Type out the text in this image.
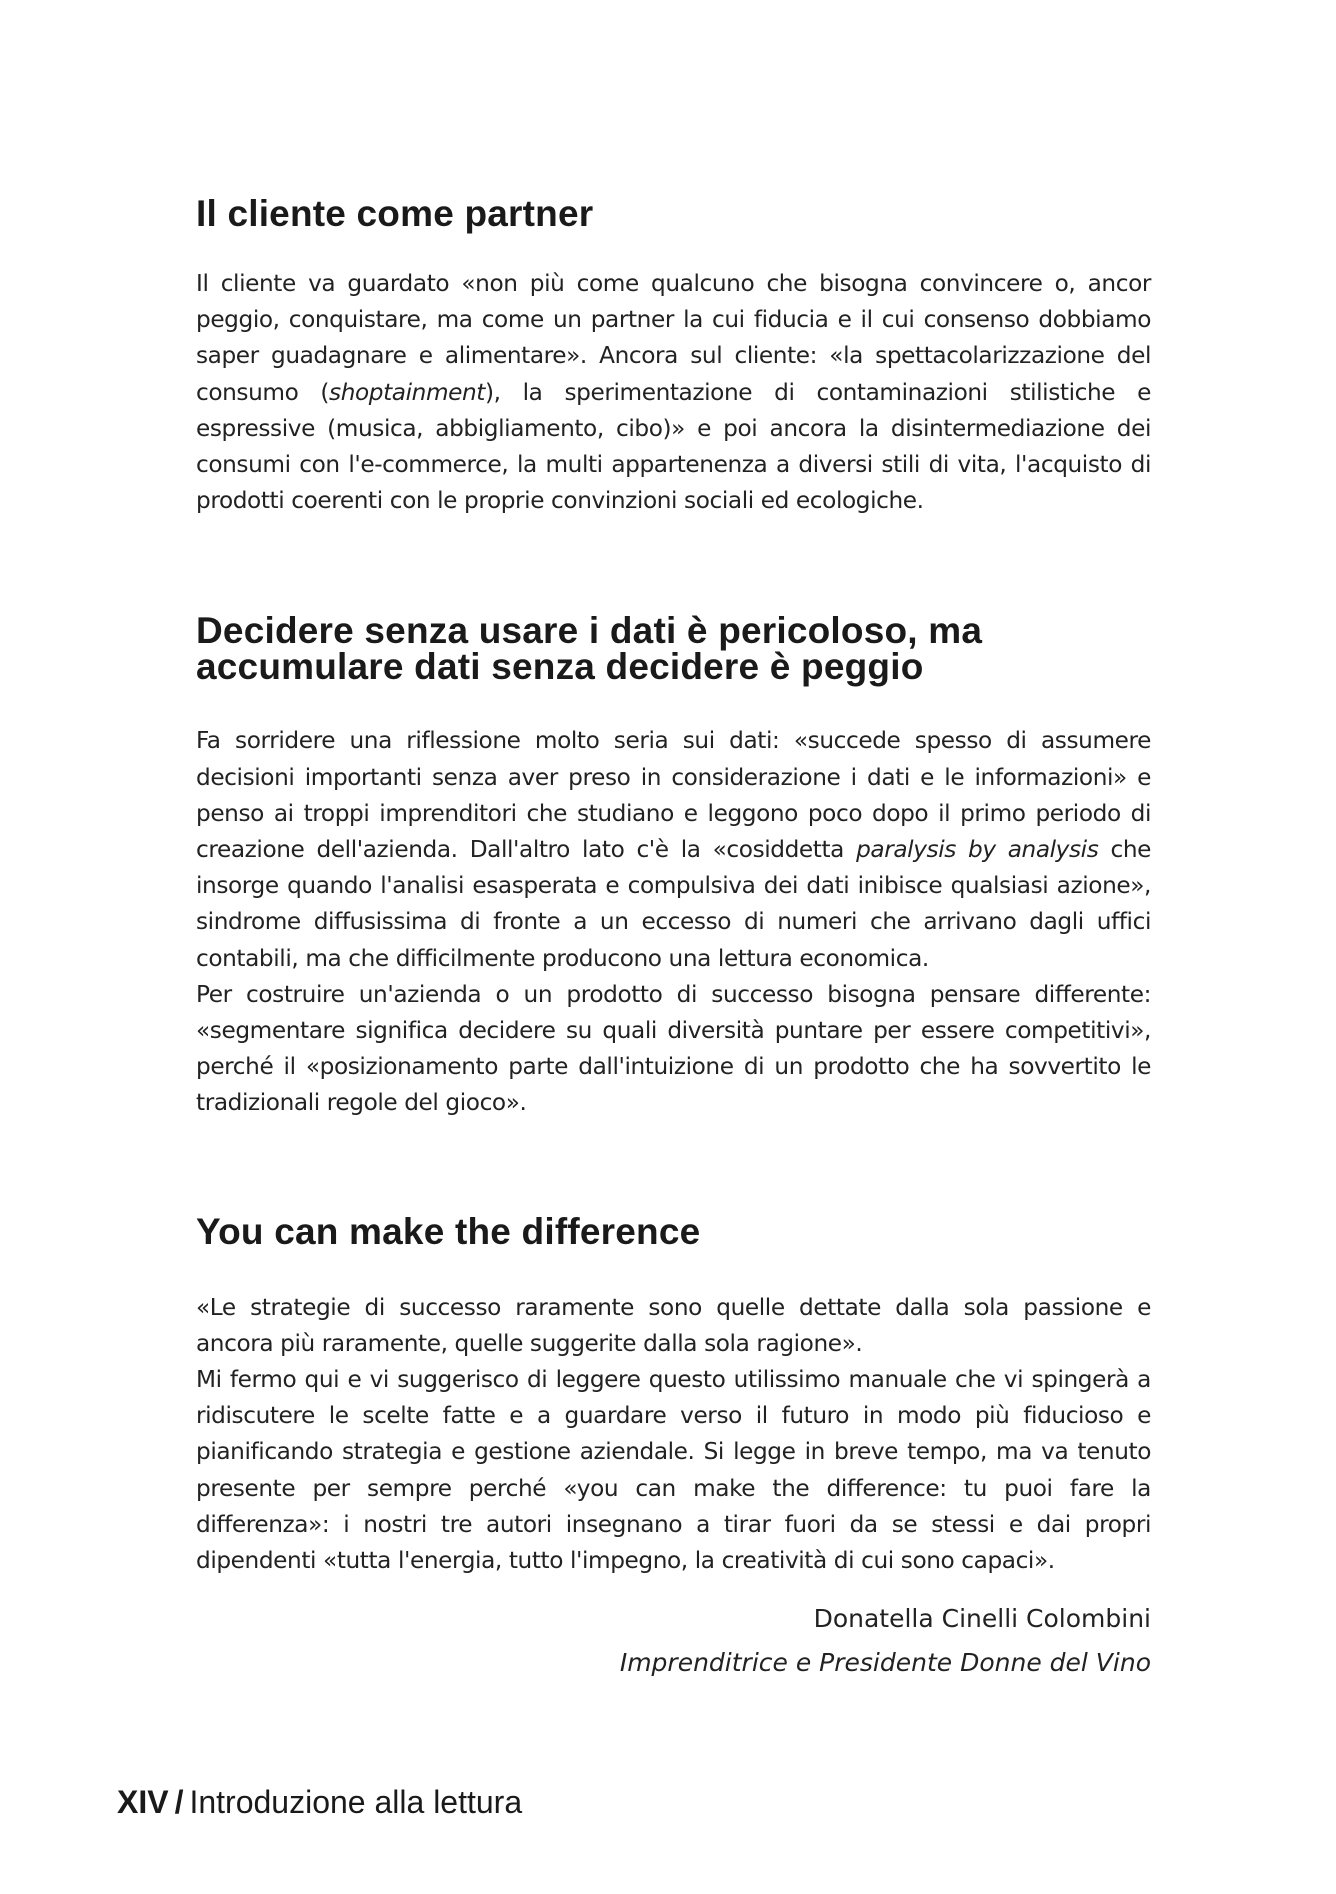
Il cliente come partner

Il cliente va guardato «non più come qualcuno che bisogna convincere o, ancor peggio, conquistare, ma come un partner la cui fiducia e il cui consenso dobbiamo saper guadagnare e alimentare». Ancora sul cliente: «la spettacolarizzazione del consumo (shoptainment), la sperimentazione di contaminazioni stilistiche e espressive (musica, abbigliamento, cibo)» e poi ancora la disintermediazione dei consumi con l'e-commerce, la multi appartenenza a diversi stili di vita, l'acquisto di prodotti coerenti con le proprie convinzioni sociali ed ecologiche.

Decidere senza usare i dati è pericoloso, ma accumulare dati senza decidere è peggio

Fa sorridere una riflessione molto seria sui dati: «succede spesso di assumere decisioni importanti senza aver preso in considerazione i dati e le informazioni» e penso ai troppi imprenditori che studiano e leggono poco dopo il primo periodo di creazione dell'azienda. Dall'altro lato c'è la «cosiddetta paralysis by analysis che insorge quando l'analisi esasperata e compulsiva dei dati inibisce qualsiasi azione», sindrome diffusissima di fronte a un eccesso di numeri che arrivano dagli uffici contabili, ma che difficilmente producono una lettura economica.

Per costruire un'azienda o un prodotto di successo bisogna pensare differente: «segmentare significa decidere su quali diversità puntare per essere competitivi», perché il «posizionamento parte dall'intuizione di un prodotto che ha sovvertito le tradizionali regole del gioco».

You can make the difference

«Le strategie di successo raramente sono quelle dettate dalla sola passione e ancora più raramente, quelle suggerite dalla sola ragione».

Mi fermo qui e vi suggerisco di leggere questo utilissimo manuale che vi spingerà a ridiscutere le scelte fatte e a guardare verso il futuro in modo più fiducioso e pianificando strategia e gestione aziendale. Si legge in breve tempo, ma va tenuto presente per sempre perché «you can make the difference: tu puoi fare la differenza»: i nostri tre autori insegnano a tirar fuori da se stessi e dai propri dipendenti «tutta l'energia, tutto l'impegno, la creatività di cui sono capaci».

Donatella Cinelli Colombini
Imprenditrice e Presidente Donne del Vino
XIV / Introduzione alla lettura
